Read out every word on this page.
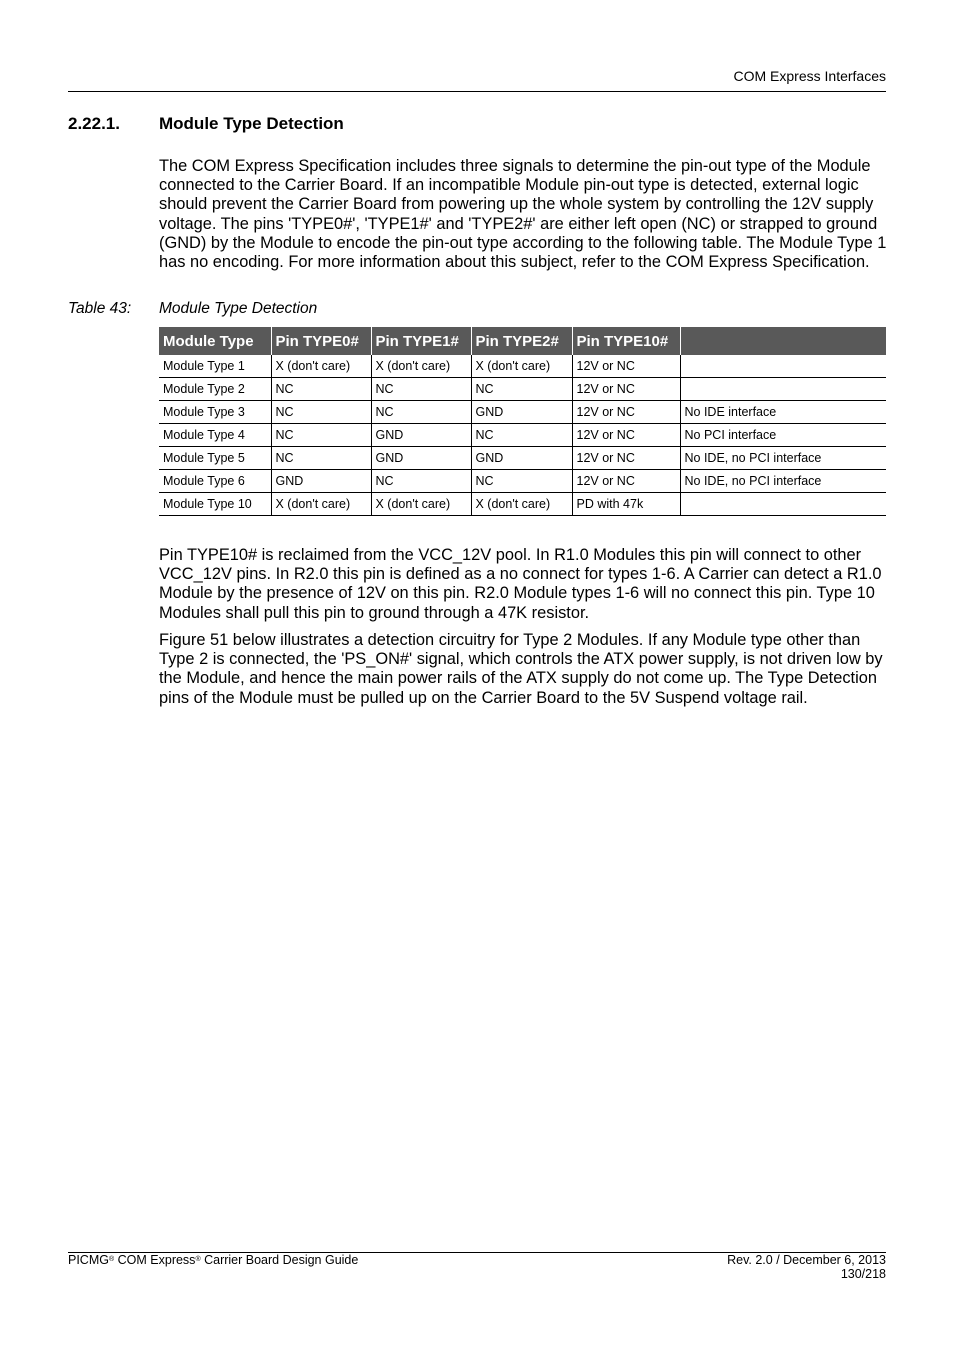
COM Express Interfaces
2.22.1. Module Type Detection

The COM Express Specification includes three signals to determine the pin-out type of the Module connected to the Carrier Board. If an incompatible Module pin-out type is detected, external logic should prevent the Carrier Board from powering up the whole system by controlling the 12V supply voltage. The pins 'TYPE0#', 'TYPE1#' and 'TYPE2#' are either left open (NC) or strapped to ground (GND) by the Module to encode the pin-out type according to the following table. The Module Type 1 has no encoding. For more information about this subject, refer to the COM Express Specification.

Table 43: Module Type Detection
Module Type	Pin TYPE0#	Pin TYPE1#	Pin TYPE2#	Pin TYPE10#	
Module Type 1	X (don't care)	X (don't care)	X (don't care)	12V or NC	
Module Type 2	NC	NC	NC	12V or NC	
Module Type 3	NC	NC	GND	12V or NC	No IDE interface
Module Type 4	NC	GND	NC	12V or NC	No PCI interface
Module Type 5	NC	GND	GND	12V or NC	No IDE, no PCI interface
Module Type 6	GND	NC	NC	12V or NC	No IDE, no PCI interface
Module Type 10	X (don't care)	X (don't care)	X (don't care)	PD with 47k	

Pin TYPE10# is reclaimed from the VCC_12V pool. In R1.0 Modules this pin will connect to other VCC_12V pins. In R2.0 this pin is defined as a no connect for types 1-6. A Carrier can detect a R1.0 Module by the presence of 12V on this pin. R2.0 Module types 1-6 will no connect this pin. Type 10 Modules shall pull this pin to ground through a 47K resistor.

Figure 51 below illustrates a detection circuitry for Type 2 Modules. If any Module type other than Type 2 is connected, the 'PS_ON#' signal, which controls the ATX power supply, is not driven low by the Module, and hence the main power rails of the ATX supply do not come up. The Type Detection pins of the Module must be pulled up on the Carrier Board to the 5V Suspend voltage rail.

PICMG® COM Express® Carrier Board Design Guide	Rev. 2.0 / December 6, 2013
130/218
